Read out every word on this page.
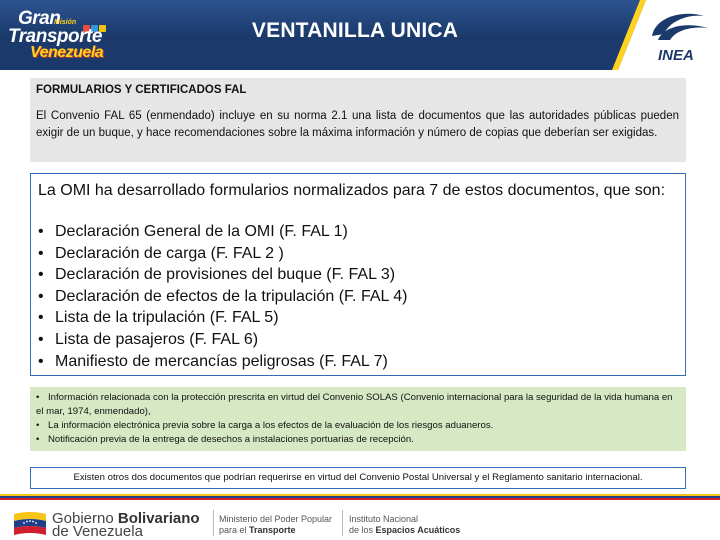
Gran
Misión
Transporte
Venezuela
VENTANILLA UNICA
INEA
FORMULARIOS Y CERTIFICADOS FAL
El Convenio FAL 65 (enmendado) incluye en su norma 2.1 una lista de documentos que las autoridades públicas pueden exigir de un buque, y hace recomendaciones sobre la máxima información y número de copias que deberían ser exigidas.
La OMI ha desarrollado formularios normalizados para 7 de estos documentos, que son:
• Declaración General de la OMI (F. FAL 1)
• Declaración de carga (F. FAL 2 )
• Declaración de provisiones del buque (F. FAL 3)
• Declaración de efectos de la tripulación (F. FAL 4)
• Lista de la tripulación (F. FAL 5)
• Lista de pasajeros (F. FAL 6)
• Manifiesto de mercancías peligrosas (F. FAL 7)
• Información relacionada con la protección prescrita en virtud del Convenio SOLAS (Convenio internacional para la seguridad de la vida humana en el mar, 1974, enmendado),
• La información electrónica previa sobre la carga a los efectos de la evaluación de los riesgos aduaneros.
• Notificación previa de la entrega de desechos a instalaciones portuarias de recepción.
Existen otros dos documentos que podrían requerirse en virtud del Convenio Postal Universal y el Reglamento sanitario internacional.
Gobierno Bolivariano
de Venezuela
Ministerio del Poder Popular
para el Transporte
Instituto Nacional
de los Espacios Acuáticos
